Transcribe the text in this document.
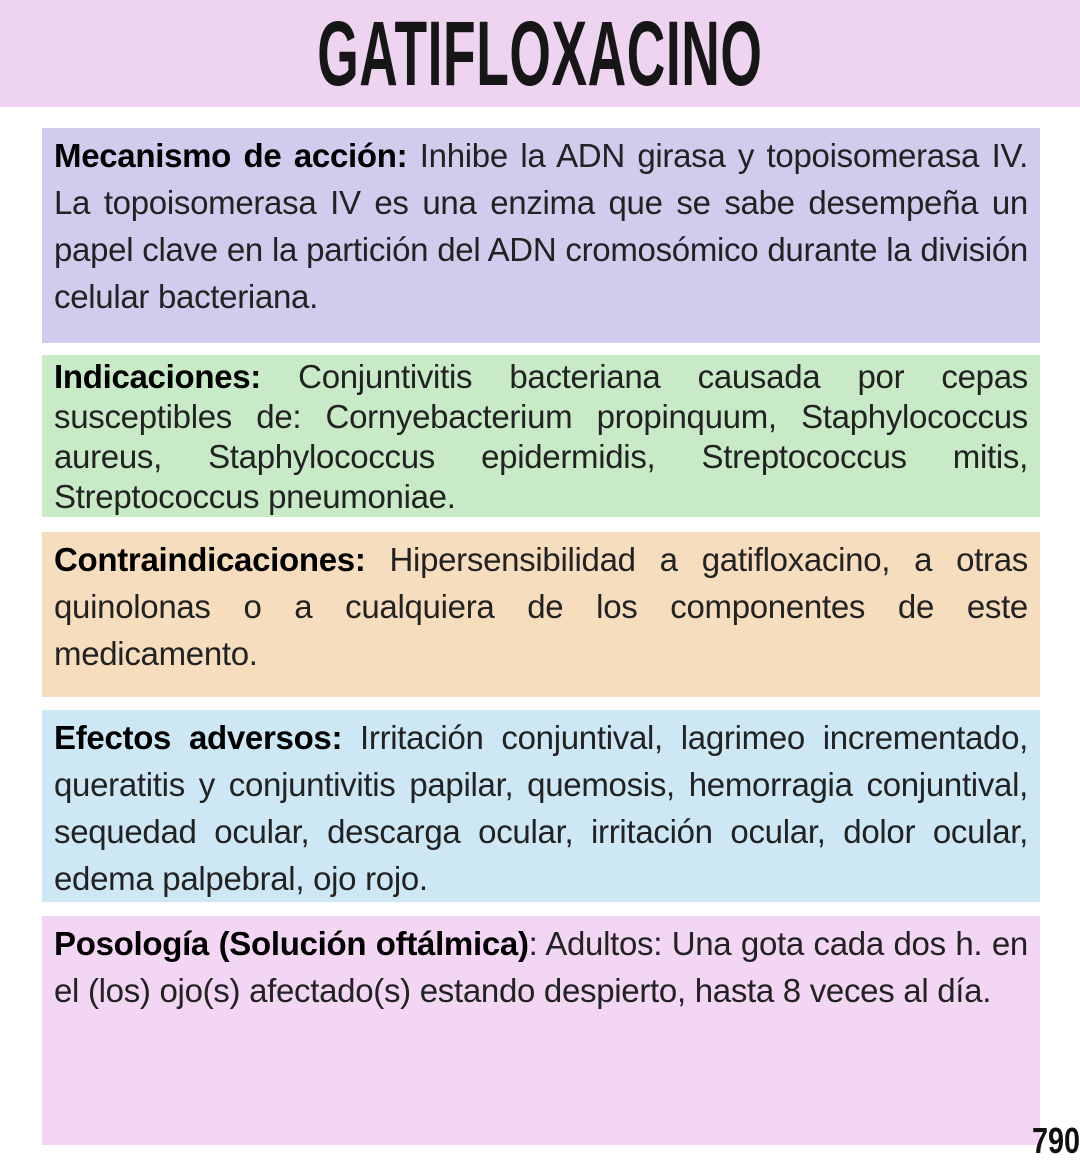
GATIFLOXACINO

Mecanismo de acción: Inhibe la ADN girasa y topoisomerasa IV. La topoisomerasa IV es una enzima que se sabe desempeña un papel clave en la partición del ADN cromosómico durante la división celular bacteriana.

Indicaciones: Conjuntivitis bacteriana causada por cepas susceptibles de: Cornyebacterium propinquum, Staphylococcus aureus, Staphylococcus epidermidis, Streptococcus mitis, Streptococcus pneumoniae.

Contraindicaciones: Hipersensibilidad a gatifloxacino, a otras quinolonas o a cualquiera de los componentes de este medicamento.

Efectos adversos: Irritación conjuntival, lagrimeo incrementado, queratitis y conjuntivitis papilar, quemosis, hemorragia conjuntival, sequedad ocular, descarga ocular, irritación ocular, dolor ocular, edema palpebral, ojo rojo.

Posología (Solución oftálmica): Adultos: Una gota cada dos h. en el (los) ojo(s) afectado(s) estando despierto, hasta 8 veces al día.

790
